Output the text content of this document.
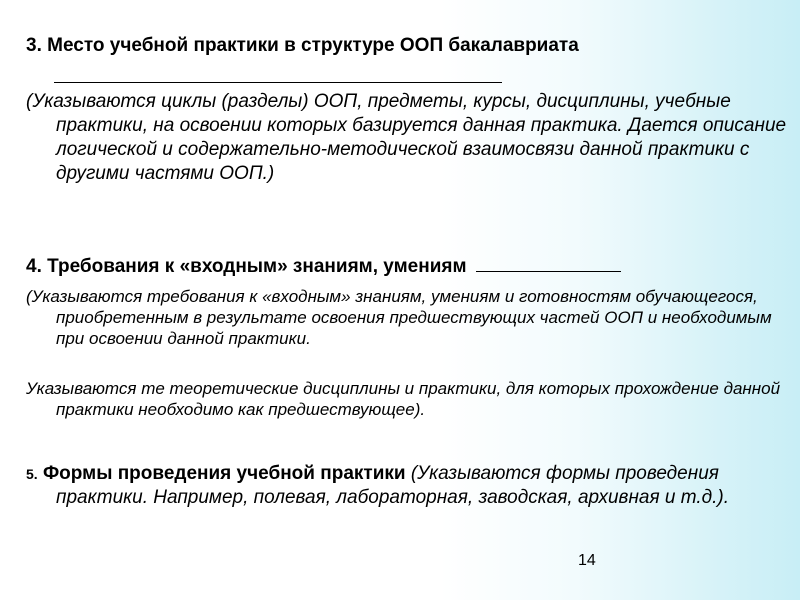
3. Место учебной практики в структуре ООП бакалавриата
(Указываются циклы (разделы) ООП, предметы, курсы, дисциплины, учебные практики, на освоении которых базируется данная практика. Дается описание логической и содержательно-методической взаимосвязи данной практики с другими частями ООП.)
4. Требования к «входным» знаниям, умениям
(Указываются требования к «входным» знаниям, умениям и готовностям обучающегося, приобретенным в результате освоения предшествующих частей ООП и необходимым при освоении данной практики.
Указываются те теоретические дисциплины и практики, для которых прохождение данной практики необходимо как предшествующее).
5. Формы проведения учебной практики (Указываются формы проведения практики. Например, полевая, лабораторная, заводская, архивная и т.д.).
14
